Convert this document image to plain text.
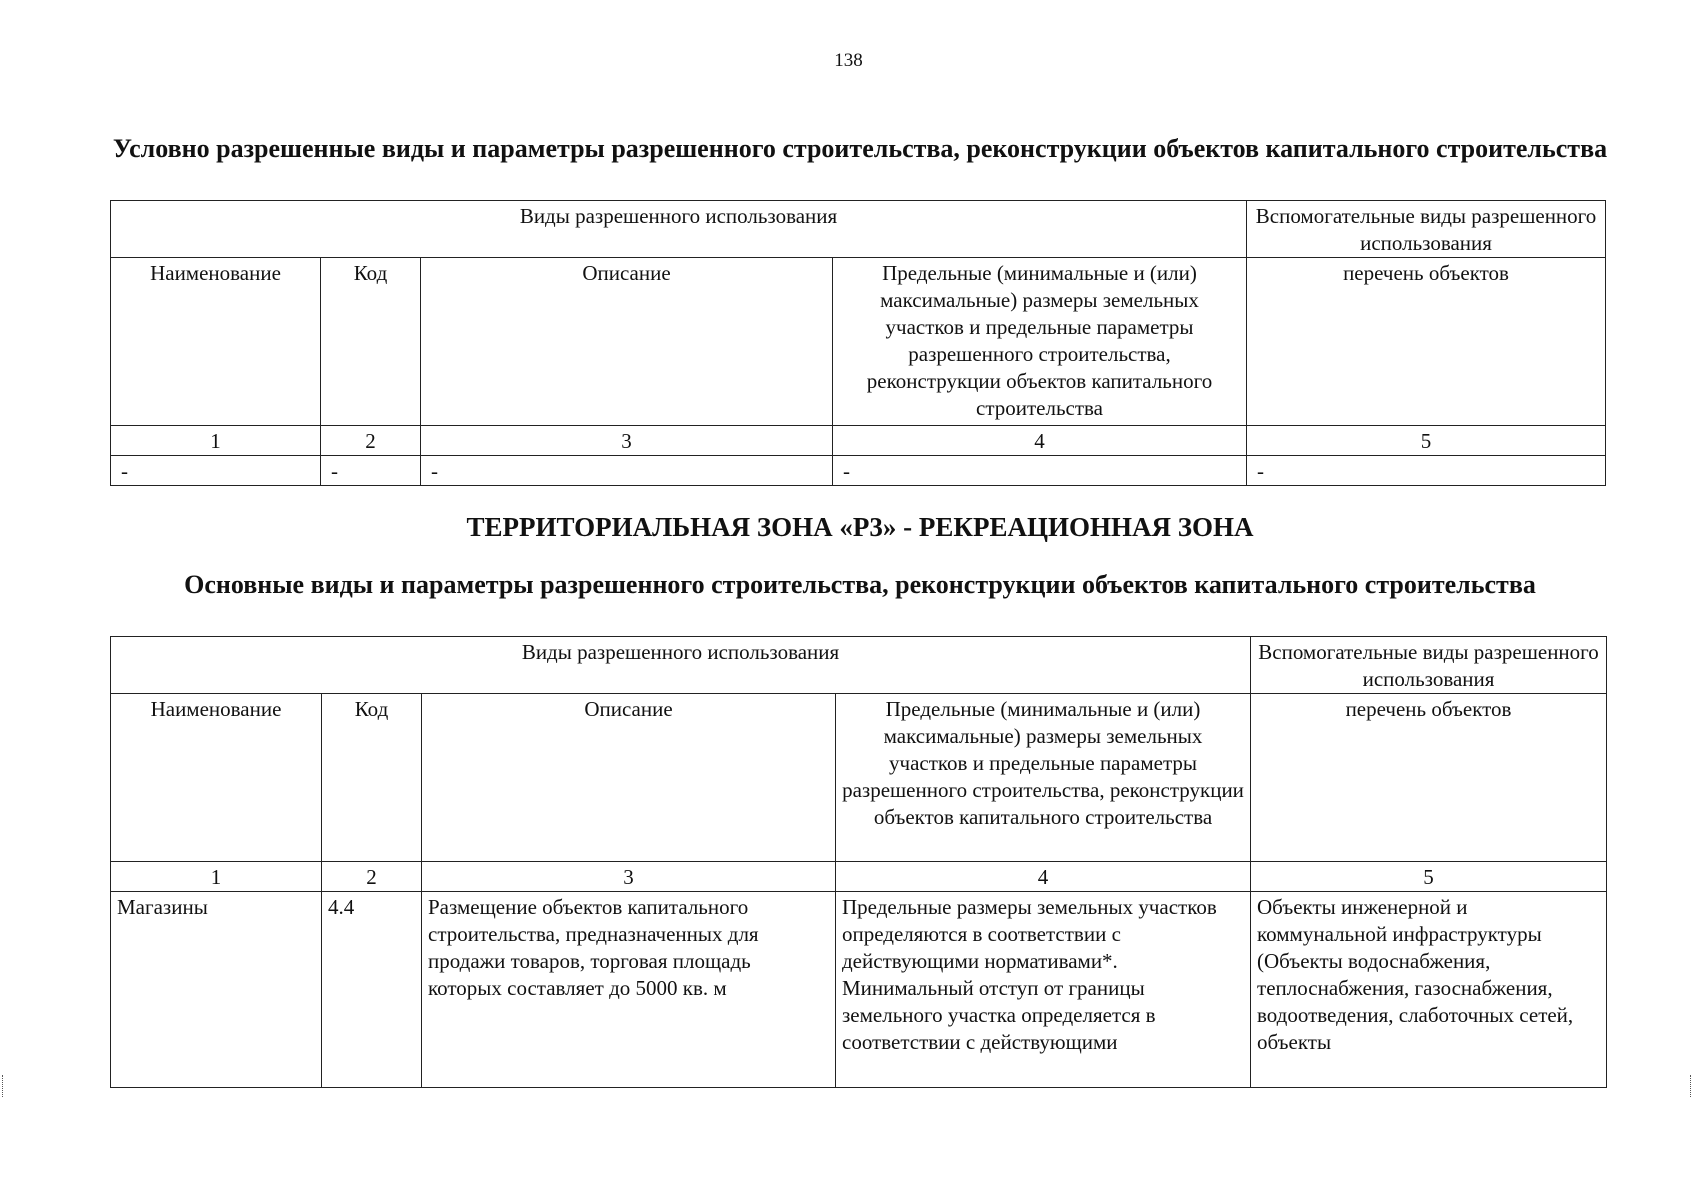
138
Условно разрешенные виды и параметры разрешенного строительства, реконструкции объектов капитального строительства
Виды разрешенного использования				Вспомогательные виды разрешенного использования
Наименование	Код	Описание	Предельные (минимальные и (или) максимальные) размеры земельных участков и предельные параметры разрешенного строительства, реконструкции объектов капитального строительства	перечень объектов
1	2	3	4	5
-	-	-	-	-
ТЕРРИТОРИАЛЬНАЯ ЗОНА «Р3» - РЕКРЕАЦИОННАЯ ЗОНА
Основные виды и параметры разрешенного строительства, реконструкции объектов капитального строительства
Виды разрешенного использования				Вспомогательные виды разрешенного использования
Наименование	Код	Описание	Предельные (минимальные и (или) максимальные) размеры земельных участков и предельные параметры разрешенного строительства, реконструкции объектов капитального строительства	перечень объектов
1	2	3	4	5
Магазины	4.4	Размещение объектов капитального строительства, предназначенных для продажи товаров, торговая площадь которых составляет до 5000 кв. м	Предельные размеры земельных участков определяются в соответствии с действующими нормативами*. Минимальный отступ от границы земельного участка определяется в соответствии с действующими	Объекты инженерной и коммунальной инфраструктуры (Объекты водоснабжения, теплоснабжения, газоснабжения, водоотведения, слаботочных сетей, объекты
